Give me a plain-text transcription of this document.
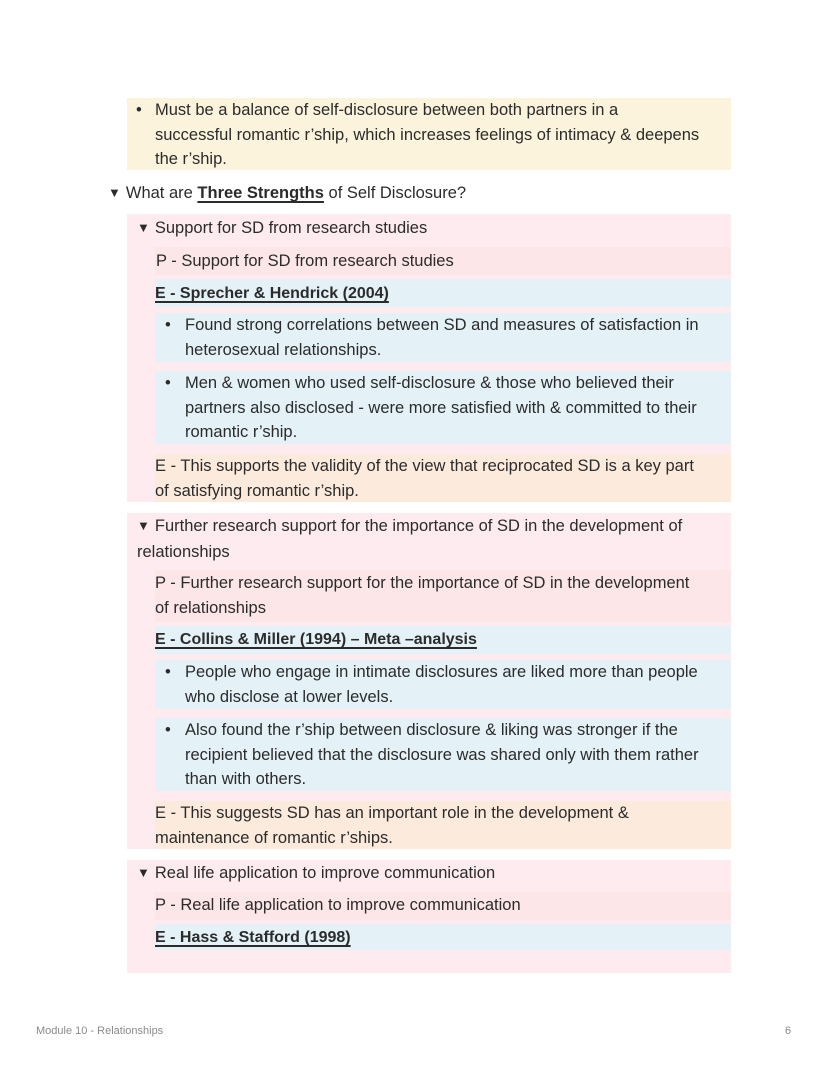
• Must be a balance of self-disclosure between both partners in a
successful romantic r’ship, which increases feelings of intimacy & deepens
the r’ship.
▼ What are Three Strengths of Self Disclosure?
▼ Support for SD from research studies
P - Support for SD from research studies
E - Sprecher & Hendrick (2004)
• Found strong correlations between SD and measures of satisfaction in
heterosexual relationships.
• Men & women who used self-disclosure & those who believed their
partners also disclosed - were more satisfied with & committed to their
romantic r’ship.
E - This supports the validity of the view that reciprocated SD is a key part
of satisfying romantic r’ship.
▼ Further research support for the importance of SD in the development of
relationships
P - Further research support for the importance of SD in the development
of relationships
E - Collins & Miller (1994) – Meta –analysis
• People who engage in intimate disclosures are liked more than people
who disclose at lower levels.
• Also found the r’ship between disclosure & liking was stronger if the
recipient believed that the disclosure was shared only with them rather
than with others.
E - This suggests SD has an important role in the development &
maintenance of romantic r’ships.
▼ Real life application to improve communication
P - Real life application to improve communication
E - Hass & Stafford (1998)
Module 10 - Relationships	6
